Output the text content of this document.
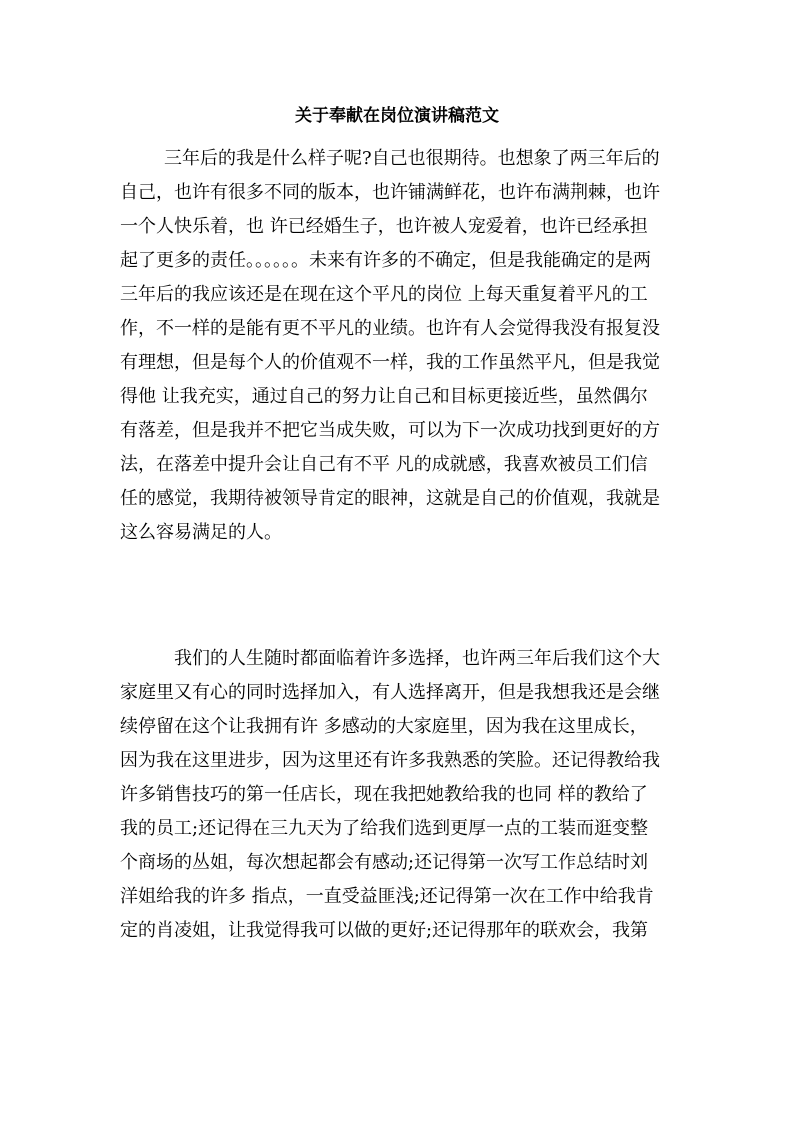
关于奉献在岗位演讲稿范文
三年后的我是什么样子呢?自己也很期待。也想象了两三年后的
自己，也许有很多不同的版本，也许铺满鲜花，也许布满荆棘，也许
一个人快乐着，也 许已经婚生子，也许被人宠爱着，也许已经承担
起了更多的责任。。。。。。未来有许多的不确定，但是我能确定的是两
三年后的我应该还是在现在这个平凡的岗位 上每天重复着平凡的工
作，不一样的是能有更不平凡的业绩。也许有人会觉得我没有报复没
有理想，但是每个人的价值观不一样，我的工作虽然平凡，但是我觉
得他 让我充实，通过自己的努力让自己和目标更接近些，虽然偶尔
有落差，但是我并不把它当成失败，可以为下一次成功找到更好的方
法，在落差中提升会让自己有不平 凡的成就感，我喜欢被员工们信
任的感觉，我期待被领导肯定的眼神，这就是自己的价值观，我就是
这么容易满足的人。
我们的人生随时都面临着许多选择，也许两三年后我们这个大
家庭里又有心的同时选择加入，有人选择离开，但是我想我还是会继
续停留在这个让我拥有许 多感动的大家庭里，因为我在这里成长，
因为我在这里进步，因为这里还有许多我熟悉的笑脸。还记得教给我
许多销售技巧的第一任店长，现在我把她教给我的也同 样的教给了
我的员工;还记得在三九天为了给我们选到更厚一点的工装而逛变整
个商场的丛姐，每次想起都会有感动;还记得第一次写工作总结时刘
洋姐给我的许多 指点，一直受益匪浅;还记得第一次在工作中给我肯
定的肖凌姐，让我觉得我可以做的更好;还记得那年的联欢会，我第
